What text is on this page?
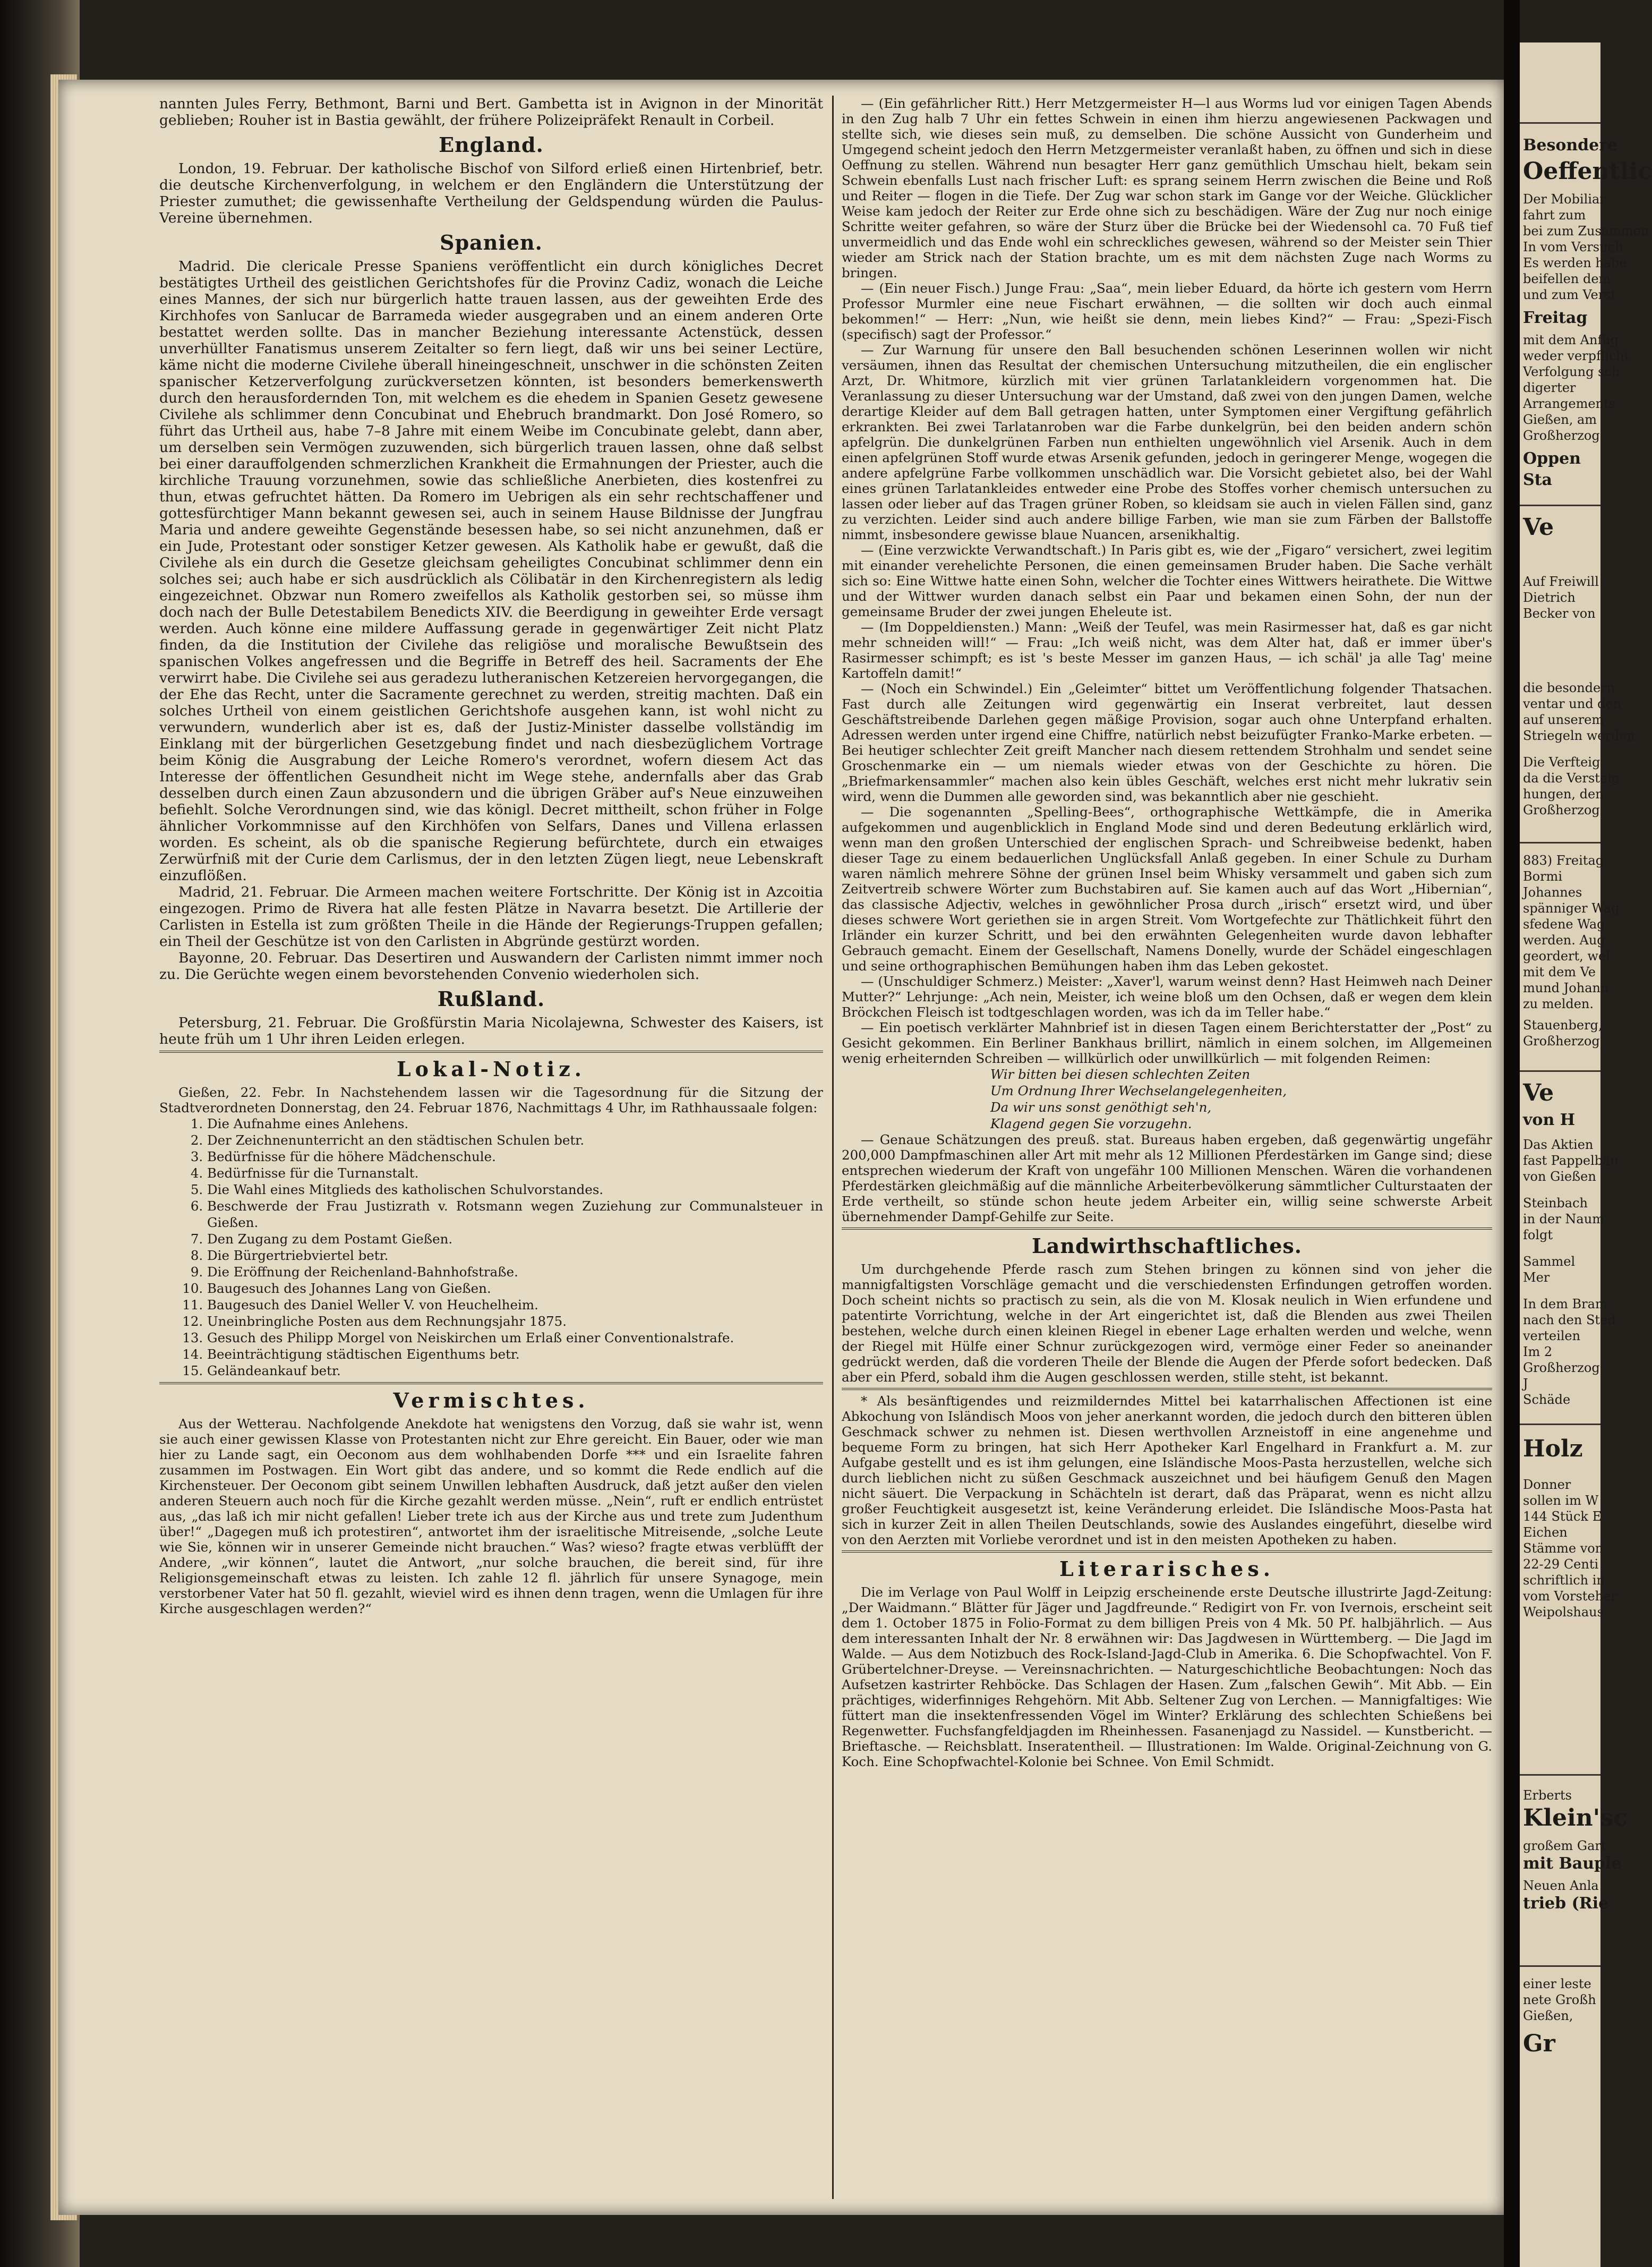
nannten Jules Ferry, Bethmont, Barni und Bert. Gambetta ist in Avignon in der Minorität geblieben; Rouher ist in Bastia gewählt, der frühere Polizeipräfekt Renault in Corbeil.

England.

London, 19. Februar. Der katholische Bischof von Silford erließ einen Hirtenbrief, betr. die deutsche Kirchenverfolgung, in welchem er den Engländern die Unterstützung der Priester zumuthet; die gewissenhafte Vertheilung der Geldspendung würden die Paulus-Vereine übernehmen.

Spanien.

Madrid. Die clericale Presse Spaniens veröffentlicht ein durch königliches Decret bestätigtes Urtheil des geistlichen Gerichtshofes für die Provinz Cadiz, wonach die Leiche eines Mannes, der sich nur bürgerlich hatte trauen lassen, aus der geweihten Erde des Kirchhofes von Sanlucar de Barrameda wieder ausgegraben und an einem anderen Orte bestattet werden sollte. Das in mancher Beziehung interessante Actenstück, dessen unverhüllter Fanatismus unserem Zeitalter so fern liegt, daß wir uns bei seiner Lectüre, käme nicht die moderne Civilehe überall hineingeschneit, unschwer in die schönsten Zeiten spanischer Ketzerverfolgung zurückversetzen könnten, ist besonders bemerkenswerth durch den herausfordernden Ton, mit welchem es die ehedem in Spanien Gesetz gewesene Civilehe als schlimmer denn Concubinat und Ehebruch brandmarkt. Don José Romero, so führt das Urtheil aus, habe 7–8 Jahre mit einem Weibe im Concubinate gelebt, dann aber, um derselben sein Vermögen zuzuwenden, sich bürgerlich trauen lassen, ohne daß selbst bei einer darauffolgenden schmerzlichen Krankheit die Ermahnungen der Priester, auch die kirchliche Trauung vorzunehmen, sowie das schließliche Anerbieten, dies kostenfrei zu thun, etwas gefruchtet hätten. Da Romero im Uebrigen als ein sehr rechtschaffener und gottesfürchtiger Mann bekannt gewesen sei, auch in seinem Hause Bildnisse der Jungfrau Maria und andere geweihte Gegenstände besessen habe, so sei nicht anzunehmen, daß er ein Jude, Protestant oder sonstiger Ketzer gewesen. Als Katholik habe er gewußt, daß die Civilehe als ein durch die Gesetze gleichsam geheiligtes Concubinat schlimmer denn ein solches sei; auch habe er sich ausdrücklich als Cölibatär in den Kirchenregistern als ledig eingezeichnet. Obzwar nun Romero zweifellos als Katholik gestorben sei, so müsse ihm doch nach der Bulle Detestabilem Benedicts XIV. die Beerdigung in geweihter Erde versagt werden. Auch könne eine mildere Auffassung gerade in gegenwärtiger Zeit nicht Platz finden, da die Institution der Civilehe das religiöse und moralische Bewußtsein des spanischen Volkes angefressen und die Begriffe in Betreff des heil. Sacraments der Ehe verwirrt habe. Die Civilehe sei aus geradezu lutheranischen Ketzereien hervorgegangen, die der Ehe das Recht, unter die Sacramente gerechnet zu werden, streitig machten. Daß ein solches Urtheil von einem geistlichen Gerichtshofe ausgehen kann, ist wohl nicht zu verwundern, wunderlich aber ist es, daß der Justiz-Minister dasselbe vollständig im Einklang mit der bürgerlichen Gesetzgebung findet und nach diesbezüglichem Vortrage beim König die Ausgrabung der Leiche Romero's verordnet, wofern diesem Act das Interesse der öffentlichen Gesundheit nicht im Wege stehe, andernfalls aber das Grab desselben durch einen Zaun abzusondern und die übrigen Gräber auf's Neue einzuweihen befiehlt. Solche Verordnungen sind, wie das königl. Decret mittheilt, schon früher in Folge ähnlicher Vorkommnisse auf den Kirchhöfen von Selfars, Danes und Villena erlassen worden. Es scheint, als ob die spanische Regierung befürchtete, durch ein etwaiges Zerwürfniß mit der Curie dem Carlismus, der in den letzten Zügen liegt, neue Lebenskraft einzuflößen.

Madrid, 21. Februar. Die Armeen machen weitere Fortschritte. Der König ist in Azcoitia eingezogen. Primo de Rivera hat alle festen Plätze in Navarra besetzt. Die Artillerie der Carlisten in Estella ist zum größten Theile in die Hände der Regierungs-Truppen gefallen; ein Theil der Geschütze ist von den Carlisten in Abgründe gestürzt worden.

Bayonne, 20. Februar. Das Desertiren und Auswandern der Carlisten nimmt immer noch zu. Die Gerüchte wegen einem bevorstehenden Convenio wiederholen sich.

Rußland.

Petersburg, 21. Februar. Die Großfürstin Maria Nicolajewna, Schwester des Kaisers, ist heute früh um 1 Uhr ihren Leiden erlegen.

Lokal-Notiz.

Gießen, 22. Febr. In Nachstehendem lassen wir die Tagesordnung für die Sitzung der Stadtverordneten Donnerstag, den 24. Februar 1876, Nachmittags 4 Uhr, im Rathhaussaale folgen:

1. Die Aufnahme eines Anlehens.
2. Der Zeichnenunterricht an den städtischen Schulen betr.
3. Bedürfnisse für die höhere Mädchenschule.
4. Bedürfnisse für die Turnanstalt.
5. Die Wahl eines Mitglieds des katholischen Schulvorstandes.
6. Beschwerde der Frau Justizrath v. Rotsmann wegen Zuziehung zur Communalsteuer in Gießen.
7. Den Zugang zu dem Postamt Gießen.
8. Die Bürgertriebviertel betr.
9. Die Eröffnung der Reichenland-Bahnhofstraße.
10. Baugesuch des Johannes Lang von Gießen.
11. Baugesuch des Daniel Weller V. von Heuchelheim.
12. Uneinbringliche Posten aus dem Rechnungsjahr 1875.
13. Gesuch des Philipp Morgel von Neiskirchen um Erlaß einer Conventionalstrafe.
14. Beeinträchtigung städtischen Eigenthums betr.
15. Geländeankauf betr.
Vermischtes.

Aus der Wetterau. Nachfolgende Anekdote hat wenigstens den Vorzug, daß sie wahr ist, wenn sie auch einer gewissen Klasse von Protestanten nicht zur Ehre gereicht. Ein Bauer, oder wie man hier zu Lande sagt, ein Oeconom aus dem wohlhabenden Dorfe *** und ein Israelite fahren zusammen im Postwagen. Ein Wort gibt das andere, und so kommt die Rede endlich auf die Kirchensteuer. Der Oeconom gibt seinem Unwillen lebhaften Ausdruck, daß jetzt außer den vielen anderen Steuern auch noch für die Kirche gezahlt werden müsse. „Nein“, ruft er endlich entrüstet aus, „das laß ich mir nicht gefallen! Lieber trete ich aus der Kirche aus und trete zum Judenthum über!“ „Dagegen muß ich protestiren“, antwortet ihm der israelitische Mitreisende, „solche Leute wie Sie, können wir in unserer Gemeinde nicht brauchen.“ Was? wieso? fragte etwas verblüfft der Andere, „wir können“, lautet die Antwort, „nur solche brauchen, die bereit sind, für ihre Religionsgemeinschaft etwas zu leisten. Ich zahle 12 fl. jährlich für unsere Synagoge, mein verstorbener Vater hat 50 fl. gezahlt, wieviel wird es ihnen denn tragen, wenn die Umlagen für ihre Kirche ausgeschlagen werden?“

— (Ein gefährlicher Ritt.) Herr Metzgermeister H—l aus Worms lud vor einigen Tagen Abends in den Zug halb 7 Uhr ein fettes Schwein in einen ihm hierzu angewiesenen Packwagen und stellte sich, wie dieses sein muß, zu demselben. Die schöne Aussicht von Gunderheim und Umgegend scheint jedoch den Herrn Metzgermeister veranlaßt haben, zu öffnen und sich in diese Oeffnung zu stellen. Während nun besagter Herr ganz gemüthlich Umschau hielt, bekam sein Schwein ebenfalls Lust nach frischer Luft: es sprang seinem Herrn zwischen die Beine und Roß und Reiter — flogen in die Tiefe. Der Zug war schon stark im Gange vor der Weiche. Glücklicher Weise kam jedoch der Reiter zur Erde ohne sich zu beschädigen. Wäre der Zug nur noch einige Schritte weiter gefahren, so wäre der Sturz über die Brücke bei der Wiedensohl ca. 70 Fuß tief unvermeidlich und das Ende wohl ein schreckliches gewesen, während so der Meister sein Thier wieder am Strick nach der Station brachte, um es mit dem nächsten Zuge nach Worms zu bringen.

— (Ein neuer Fisch.) Junge Frau: „Saa“, mein lieber Eduard, da hörte ich gestern vom Herrn Professor Murmler eine neue Fischart erwähnen, — die sollten wir doch auch einmal bekommen!“ — Herr: „Nun, wie heißt sie denn, mein liebes Kind?“ — Frau: „Spezi-Fisch (specifisch) sagt der Professor.“

— Zur Warnung für unsere den Ball besuchenden schönen Leserinnen wollen wir nicht versäumen, ihnen das Resultat der chemischen Untersuchung mitzutheilen, die ein englischer Arzt, Dr. Whitmore, kürzlich mit vier grünen Tarlatankleidern vorgenommen hat. Die Veranlassung zu dieser Untersuchung war der Umstand, daß zwei von den jungen Damen, welche derartige Kleider auf dem Ball getragen hatten, unter Symptomen einer Vergiftung gefährlich erkrankten. Bei zwei Tarlatanroben war die Farbe dunkelgrün, bei den beiden andern schön apfelgrün. Die dunkelgrünen Farben nun enthielten ungewöhnlich viel Arsenik. Auch in dem einen apfelgrünen Stoff wurde etwas Arsenik gefunden, jedoch in geringerer Menge, wogegen die andere apfelgrüne Farbe vollkommen unschädlich war. Die Vorsicht gebietet also, bei der Wahl eines grünen Tarlatankleides entweder eine Probe des Stoffes vorher chemisch untersuchen zu lassen oder lieber auf das Tragen grüner Roben, so kleidsam sie auch in vielen Fällen sind, ganz zu verzichten. Leider sind auch andere billige Farben, wie man sie zum Färben der Ballstoffe nimmt, insbesondere gewisse blaue Nuancen, arsenikhaltig.

— (Eine verzwickte Verwandtschaft.) In Paris gibt es, wie der „Figaro“ versichert, zwei legitim mit einander verehelichte Personen, die einen gemeinsamen Bruder haben. Die Sache verhält sich so: Eine Wittwe hatte einen Sohn, welcher die Tochter eines Wittwers heirathete. Die Wittwe und der Wittwer wurden danach selbst ein Paar und bekamen einen Sohn, der nun der gemeinsame Bruder der zwei jungen Eheleute ist.

— (Im Doppeldiensten.) Mann: „Weiß der Teufel, was mein Rasirmesser hat, daß es gar nicht mehr schneiden will!“ — Frau: „Ich weiß nicht, was dem Alter hat, daß er immer über's Rasirmesser schimpft; es ist 's beste Messer im ganzen Haus, — ich schäl' ja alle Tag' meine Kartoffeln damit!“

— (Noch ein Schwindel.) Ein „Geleimter“ bittet um Veröffentlichung folgender Thatsachen. Fast durch alle Zeitungen wird gegenwärtig ein Inserat verbreitet, laut dessen Geschäftstreibende Darlehen gegen mäßige Provision, sogar auch ohne Unterpfand erhalten. Adressen werden unter irgend eine Chiffre, natürlich nebst beizufügter Franko-Marke erbeten. — Bei heutiger schlechter Zeit greift Mancher nach diesem rettendem Strohhalm und sendet seine Groschenmarke ein — um niemals wieder etwas von der Geschichte zu hören. Die „Briefmarkensammler“ machen also kein übles Geschäft, welches erst nicht mehr lukrativ sein wird, wenn die Dummen alle geworden sind, was bekanntlich aber nie geschieht.

— Die sogenannten „Spelling-Bees“, orthographische Wettkämpfe, die in Amerika aufgekommen und augenblicklich in England Mode sind und deren Bedeutung erklärlich wird, wenn man den großen Unterschied der englischen Sprach- und Schreibweise bedenkt, haben dieser Tage zu einem bedauerlichen Unglücksfall Anlaß gegeben. In einer Schule zu Durham waren nämlich mehrere Söhne der grünen Insel beim Whisky versammelt und gaben sich zum Zeitvertreib schwere Wörter zum Buchstabiren auf. Sie kamen auch auf das Wort „Hibernian“, das classische Adjectiv, welches in gewöhnlicher Prosa durch „irisch“ ersetzt wird, und über dieses schwere Wort geriethen sie in argen Streit. Vom Wortgefechte zur Thätlichkeit führt den Irländer ein kurzer Schritt, und bei den erwähnten Gelegenheiten wurde davon lebhafter Gebrauch gemacht. Einem der Gesellschaft, Namens Donelly, wurde der Schädel eingeschlagen und seine orthographischen Bemühungen haben ihm das Leben gekostet.

— (Unschuldiger Schmerz.) Meister: „Xaver'l, warum weinst denn? Hast Heimweh nach Deiner Mutter?“ Lehrjunge: „Ach nein, Meister, ich weine bloß um den Ochsen, daß er wegen dem klein Bröckchen Fleisch ist todtgeschlagen worden, was ich da im Teller habe.“

— Ein poetisch verklärter Mahnbrief ist in diesen Tagen einem Berichterstatter der „Post“ zu Gesicht gekommen. Ein Berliner Bankhaus brillirt, nämlich in einem solchen, im Allgemeinen wenig erheiternden Schreiben — willkürlich oder unwillkürlich — mit folgenden Reimen:

Wir bitten bei diesen schlechten Zeiten
Um Ordnung Ihrer Wechselangelegenheiten,
Da wir uns sonst genöthigt seh'n,
Klagend gegen Sie vorzugehn.

— Genaue Schätzungen des preuß. stat. Bureaus haben ergeben, daß gegenwärtig ungefähr 200,000 Dampfmaschinen aller Art mit mehr als 12 Millionen Pferdestärken im Gange sind; diese entsprechen wiederum der Kraft von ungefähr 100 Millionen Menschen. Wären die vorhandenen Pferdestärken gleichmäßig auf die männliche Arbeiterbevölkerung sämmtlicher Culturstaaten der Erde vertheilt, so stünde schon heute jedem Arbeiter ein, willig seine schwerste Arbeit übernehmender Dampf-Gehilfe zur Seite.

Landwirthschaftliches.

Um durchgehende Pferde rasch zum Stehen bringen zu können sind von jeher die mannigfaltigsten Vorschläge gemacht und die verschiedensten Erfindungen getroffen worden. Doch scheint nichts so practisch zu sein, als die von M. Klosak neulich in Wien erfundene und patentirte Vorrichtung, welche in der Art eingerichtet ist, daß die Blenden aus zwei Theilen bestehen, welche durch einen kleinen Riegel in ebener Lage erhalten werden und welche, wenn der Riegel mit Hülfe einer Schnur zurückgezogen wird, vermöge einer Feder so aneinander gedrückt werden, daß die vorderen Theile der Blende die Augen der Pferde sofort bedecken. Daß aber ein Pferd, sobald ihm die Augen geschlossen werden, stille steht, ist bekannt.

* Als besänftigendes und reizmilderndes Mittel bei katarrhalischen Affectionen ist eine Abkochung von Isländisch Moos von jeher anerkannt worden, die jedoch durch den bitteren üblen Geschmack schwer zu nehmen ist. Diesen werthvollen Arzneistoff in eine angenehme und bequeme Form zu bringen, hat sich Herr Apotheker Karl Engelhard in Frankfurt a. M. zur Aufgabe gestellt und es ist ihm gelungen, eine Isländische Moos-Pasta herzustellen, welche sich durch lieblichen nicht zu süßen Geschmack auszeichnet und bei häufigem Genuß den Magen nicht säuert. Die Verpackung in Schächteln ist derart, daß das Präparat, wenn es nicht allzu großer Feuchtigkeit ausgesetzt ist, keine Veränderung erleidet. Die Isländische Moos-Pasta hat sich in kurzer Zeit in allen Theilen Deutschlands, sowie des Auslandes eingeführt, dieselbe wird von den Aerzten mit Vorliebe verordnet und ist in den meisten Apotheken zu haben.

Literarisches.

Die im Verlage von Paul Wolff in Leipzig erscheinende erste Deutsche illustrirte Jagd-Zeitung: „Der Waidmann.“ Blätter für Jäger und Jagdfreunde.“ Redigirt von Fr. von Ivernois, erscheint seit dem 1. October 1875 in Folio-Format zu dem billigen Preis von 4 Mk. 50 Pf. halbjährlich. — Aus dem interessanten Inhalt der Nr. 8 erwähnen wir: Das Jagdwesen in Württemberg. — Die Jagd im Walde. — Aus dem Notizbuch des Rock-Island-Jagd-Club in Amerika. 6. Die Schopfwachtel. Von F. Grübertelchner-Dreyse. — Vereinsnachrichten. — Naturgeschichtliche Beobachtungen: Noch das Aufsetzen kastrirter Rehböcke. Das Schlagen der Hasen. Zum „falschen Gewih“. Mit Abb. — Ein prächtiges, widerfinniges Rehgehörn. Mit Abb. Seltener Zug von Lerchen. — Mannigfaltiges: Wie füttert man die insektenfressenden Vögel im Winter? Erklärung des schlechten Schießens bei Regenwetter. Fuchsfangfeldjagden im Rheinhessen. Fasanenjagd zu Nassidel. — Kunstbericht. — Brieftasche. — Reichsblatt. Inseratentheil. — Illustrationen: Im Walde. Original-Zeichnung von G. Koch. Eine Schopfwachtel-Kolonie bei Schnee. Von Emil Schmidt.

Besondere
Oeffentlic
Der Mobiliar
fahrt zum
bei zum Zusammen
In vom Versuch
Es werden habe
beifellen dem
und zum Verst
Freitag
mit dem Anfüg
weder verpflicht
Verfolgung sch
digerter
Arrangements
Gießen, am
Großherzog
Oppen
Sta
Ve
Auf Freiwill
Dietrich
Becker von
die besondern
ventar und den
auf unserem
Striegeln werden
Die Verfteig
da die Versteig
hungen, den
Großherzog
883) Freitag
Bormi
Johannes
spänniger Wag
sfedene Wag
werden. Aug
geordert, wel
mit dem Ve
mund Johann
zu melden.
Stauenberg,
Großherzog
Ve
von H
Das Aktien
fast Pappelbäu
von Gießen
Steinbach
in der Naum
folgt
Sammel
Mer
In dem Bram
nach den Sted
verteilen
Im 2
Großherzog
J
Schäde
Holz
Donner
sollen im W
144 Stück E
Eichen
Stämme von
22-29 Centi
schriftlich in
vom Vorsteher
Weipolshaus
Erberts
Klein'sc
großem Gart
mit Bauple
Neuen Anla
trieb (Rie
einer leste
nete Großh
Gießen,
Gr
